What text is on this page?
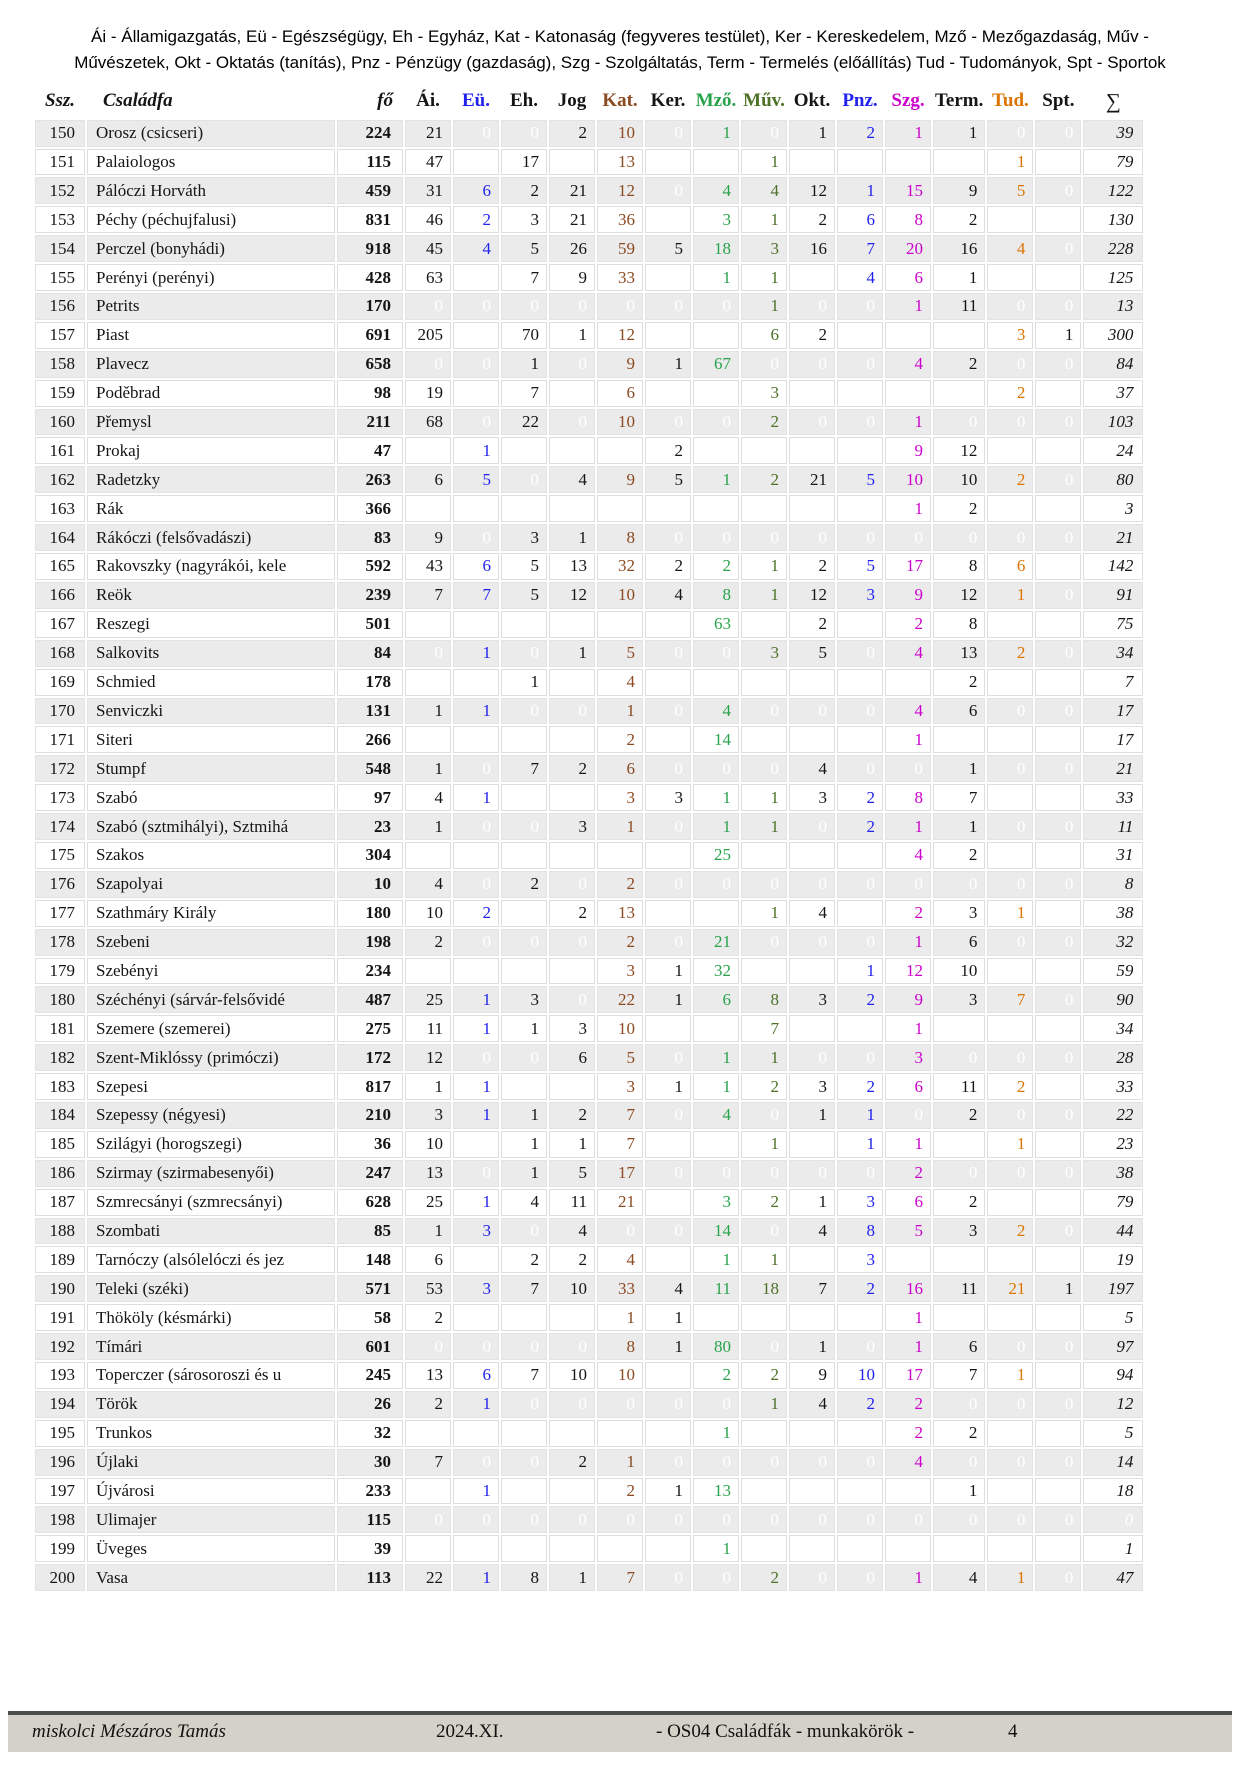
Ái - Államigazgatás, Eü - Egészségügy, Eh - Egyház, Kat - Katonaság (fegyveres testület), Ker - Kereskedelem, Mző - Mezőgazdaság, Műv -
Művészetek, Okt - Oktatás (tanítás), Pnz - Pénzügy (gazdaság), Szg - Szolgáltatás, Term - Termelés (előállítás) Tud - Tudományok, Spt - Sportok
Ssz.	Családfa	fő	Ái.	Eü.	Eh.	Jog	Kat.	Ker.	Mző.	Műv.	Okt.	Pnz.	Szg.	Term.	Tud.	Spt.	∑
150	Orosz (csicseri)	224	21	0	0	2	10	0	1	0	1	2	1	1	0	0	39
151	Palaiologos	115	47		17		13			1					1		79
152	Pálóczi Horváth	459	31	6	2	21	12	0	4	4	12	1	15	9	5	0	122
153	Péchy (péchujfalusi)	831	46	2	3	21	36		3	1	2	6	8	2			130
154	Perczel (bonyhádi)	918	45	4	5	26	59	5	18	3	16	7	20	16	4	0	228
155	Perényi (perényi)	428	63		7	9	33		1	1		4	6	1			125
156	Petrits	170	0	0	0	0	0	0	0	1	0	0	1	11	0	0	13
157	Piast	691	205		70	1	12			6	2				3	1	300
158	Plavecz	658	0	0	1	0	9	1	67	0	0	0	4	2	0	0	84
159	Poděbrad	98	19		7		6			3					2		37
160	Přemysl	211	68	0	22	0	10	0	0	2	0	0	1	0	0	0	103
161	Prokaj	47		1				2					9	12			24
162	Radetzky	263	6	5	0	4	9	5	1	2	21	5	10	10	2	0	80
163	Rák	366											1	2			3
164	Rákóczi (felsővadászi)	83	9	0	3	1	8	0	0	0	0	0	0	0	0	0	21
165	Rakovszky (nagyrákói, kele	592	43	6	5	13	32	2	2	1	2	5	17	8	6		142
166	Reök	239	7	7	5	12	10	4	8	1	12	3	9	12	1	0	91
167	Reszegi	501							63		2		2	8			75
168	Salkovits	84	0	1	0	1	5	0	0	3	5	0	4	13	2	0	34
169	Schmied	178			1		4							2			7
170	Senviczki	131	1	1	0	0	1	0	4	0	0	0	4	6	0	0	17
171	Siteri	266					2		14				1				17
172	Stumpf	548	1	0	7	2	6	0	0	0	4	0	0	1	0	0	21
173	Szabó	97	4	1			3	3	1	1	3	2	8	7			33
174	Szabó (sztmihályi), Sztmihá	23	1	0	0	3	1	0	1	1	0	2	1	1	0	0	11
175	Szakos	304							25				4	2			31
176	Szapolyai	10	4	0	2	0	2	0	0	0	0	0	0	0	0	0	8
177	Szathmáry Király	180	10	2		2	13			1	4		2	3	1		38
178	Szebeni	198	2	0	0	0	2	0	21	0	0	0	1	6	0	0	32
179	Szebényi	234					3	1	32			1	12	10			59
180	Széchényi (sárvár-felsővidé	487	25	1	3	0	22	1	6	8	3	2	9	3	7	0	90
181	Szemere (szemerei)	275	11	1	1	3	10			7			1				34
182	Szent-Miklóssy (primóczi)	172	12	0	0	6	5	0	1	1	0	0	3	0	0	0	28
183	Szepesi	817	1	1			3	1	1	2	3	2	6	11	2		33
184	Szepessy (négyesi)	210	3	1	1	2	7	0	4	0	1	1	0	2	0	0	22
185	Szilágyi (horogszegi)	36	10		1	1	7			1		1	1		1		23
186	Szirmay (szirmabesenyői)	247	13	0	1	5	17	0	0	0	0	0	2	0	0	0	38
187	Szmrecsányi (szmrecsányi)	628	25	1	4	11	21		3	2	1	3	6	2			79
188	Szombati	85	1	3	0	4	0	0	14	0	4	8	5	3	2	0	44
189	Tarnóczy (alsólelóczi és jez	148	6		2	2	4		1	1		3					19
190	Teleki (széki)	571	53	3	7	10	33	4	11	18	7	2	16	11	21	1	197
191	Thököly (késmárki)	58	2				1	1					1				5
192	Tímári	601	0	0	0	0	8	1	80	0	1	0	1	6	0	0	97
193	Toperczer (sárosoroszi és u	245	13	6	7	10	10		2	2	9	10	17	7	1		94
194	Török	26	2	1	0	0	0	0	0	1	4	2	2	0	0	0	12
195	Trunkos	32							1				2	2			5
196	Újlaki	30	7	0	0	2	1	0	0	0	0	0	4	0	0	0	14
197	Újvárosi	233		1			2	1	13					1			18
198	Ulimajer	115	0	0	0	0	0	0	0	0	0	0	0	0	0	0	0
199	Üveges	39							1								1
200	Vasa	113	22	1	8	1	7	0	0	2	0	0	1	4	1	0	47
miskolci Mészáros Tamás	2024.XI.	- OS04 Családfák - munkakörök -	4
